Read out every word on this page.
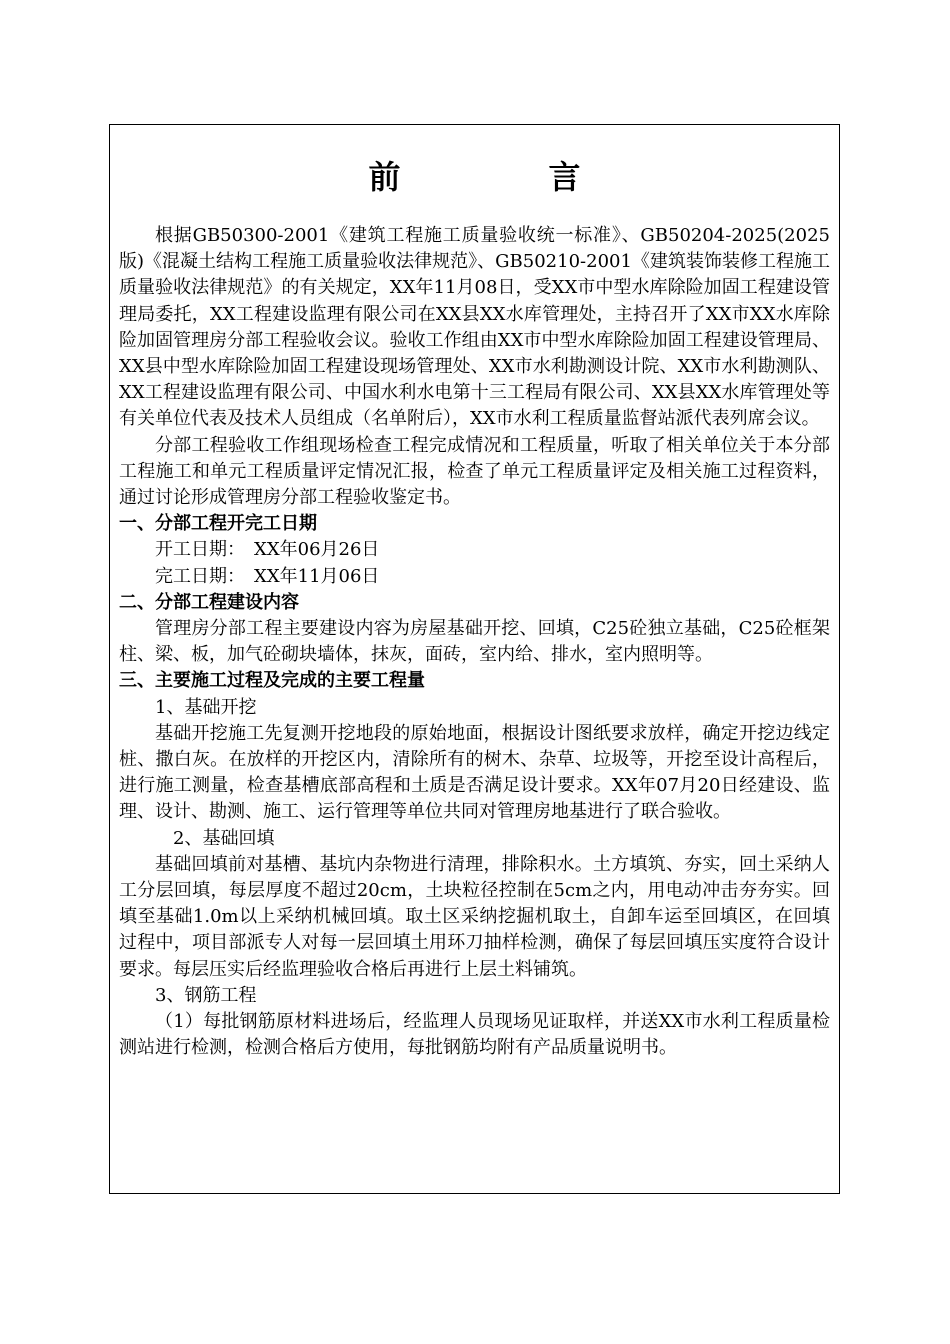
前　言

根据GB50300-2001《建筑工程施工质量验收统一标准》、GB50204-2025(2025版)《混凝土结构工程施工质量验收法律规范》、GB50210-2001《建筑装饰装修工程施工质量验收法律规范》的有关规定，XX年11月08日，受XX市中型水库除险加固工程建设管理局委托，XX工程建设监理有限公司在XX县XX水库管理处，主持召开了XX市XX水库除险加固管理房分部工程验收会议。验收工作组由XX市中型水库除险加固工程建设管理局、XX县中型水库除险加固工程建设现场管理处、XX市水利勘测设计院、XX市水利勘测队、XX工程建设监理有限公司、中国水利水电第十三工程局有限公司、XX县XX水库管理处等有关单位代表及技术人员组成（名单附后），XX市水利工程质量监督站派代表列席会议。

分部工程验收工作组现场检查工程完成情况和工程质量，听取了相关单位关于本分部工程施工和单元工程质量评定情况汇报，检查了单元工程质量评定及相关施工过程资料，通过讨论形成管理房分部工程验收鉴定书。

一、分部工程开完工日期

开工日期：　XX年06月26日

完工日期：　XX年11月06日

二、分部工程建设内容

管理房分部工程主要建设内容为房屋基础开挖、回填，C25砼独立基础，C25砼框架柱、梁、板，加气砼砌块墙体，抹灰，面砖，室内给、排水，室内照明等。

三、主要施工过程及完成的主要工程量

1、基础开挖

基础开挖施工先复测开挖地段的原始地面，根据设计图纸要求放样，确定开挖边线定桩、撒白灰。在放样的开挖区内，清除所有的树木、杂草、垃圾等，开挖至设计高程后，进行施工测量，检查基槽底部高程和土质是否满足设计要求。XX年07月20日经建设、监理、设计、勘测、施工、运行管理等单位共同对管理房地基进行了联合验收。

2、基础回填

基础回填前对基槽、基坑内杂物进行清理，排除积水。土方填筑、夯实，回土采纳人工分层回填，每层厚度不超过20cm，土块粒径控制在5cm之内，用电动冲击夯夯实。回填至基础1.0m以上采纳机械回填。取土区采纳挖掘机取土，自卸车运至回填区，在回填过程中，项目部派专人对每一层回填土用环刀抽样检测，确保了每层回填压实度符合设计要求。每层压实后经监理验收合格后再进行上层土料铺筑。

3、钢筋工程

（1）每批钢筋原材料进场后，经监理人员现场见证取样，并送XX市水利工程质量检测站进行检测，检测合格后方使用，每批钢筋均附有产品质量说明书。
